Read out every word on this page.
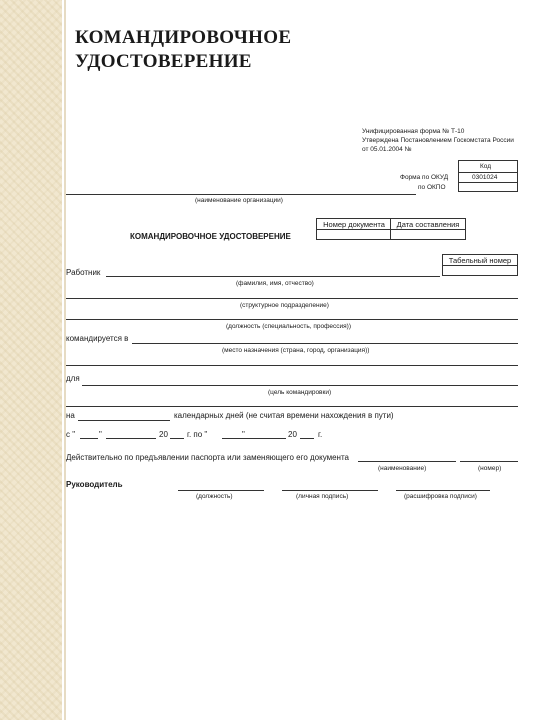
КОМАНДИРОВОЧНОЕ
УДОСТОВЕРЕНИЕ
Унифицированная форма № Т-10
Утверждена Постановлением Госкомстата России
от 05.01.2004 №
Код
0301024
Форма по ОКУД
по ОКПО
(наименование организации)
КОМАНДИРОВОЧНОЕ УДОСТОВЕРЕНИЕ
Номер документа	Дата составления
Табельный номер
Работник
(фамилия, имя, отчество)
(структурное подразделение)
(должность (специальность, профессия))
командируется в
(место назначения (страна, город, организация))
для
(цель командировки)
на	календарных дней (не считая времени нахождения в пути)
с "	"	20 г. по "	"	20	г.
Действительно по предъявлении паспорта или заменяющего его документа
(наименование)	(номер)
Руководитель
(должность)	(личная подпись)	(расшифровка подписи)
